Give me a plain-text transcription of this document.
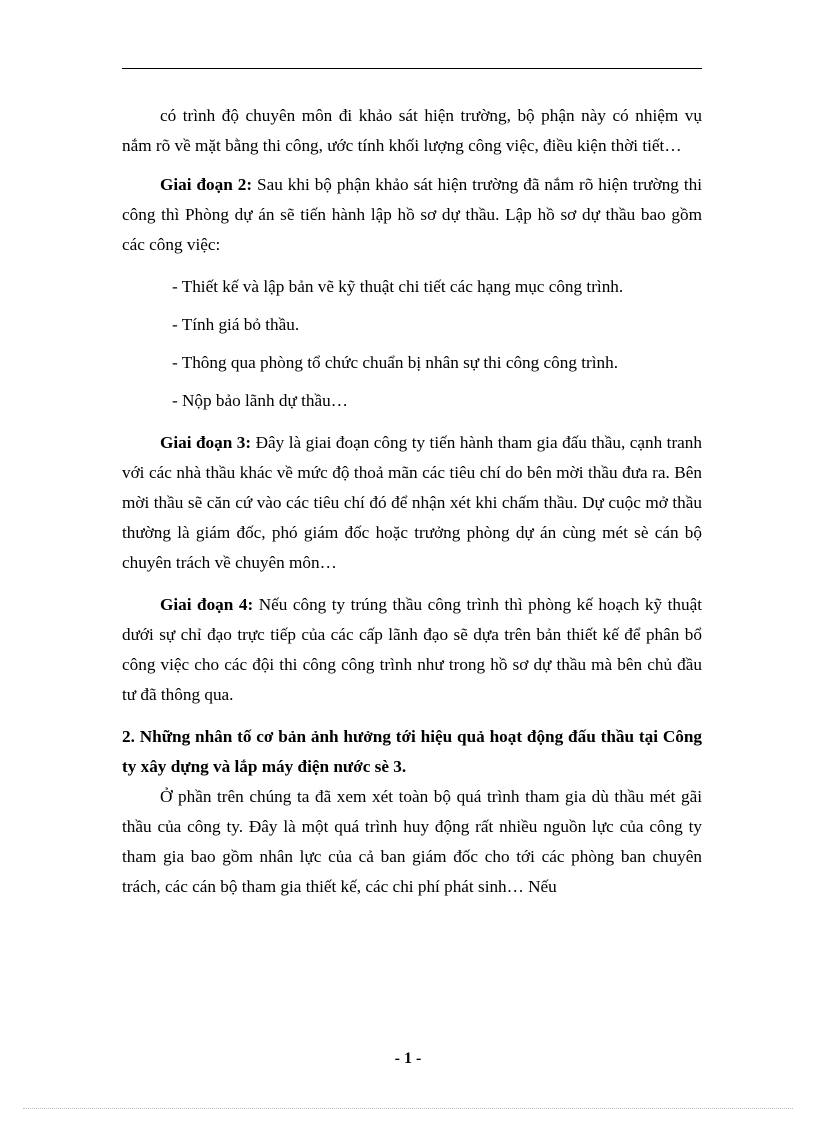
có trình độ chuyên môn đi khảo sát hiện trường, bộ phận này có nhiệm vụ nắm rõ về mặt bằng thi công, ước tính khối lượng công việc, điều kiện thời tiết…

Giai đoạn 2: Sau khi bộ phận khảo sát hiện trường đã nắm rõ hiện trường thi công thì Phòng dự án sẽ tiến hành lập hồ sơ dự thầu. Lập hồ sơ dự thầu bao gồm các công việc:

- Thiết kế và lập bản vẽ kỹ thuật chi tiết các hạng mục công trình.

- Tính giá bỏ thầu.

- Thông qua phòng tổ chức chuẩn bị nhân sự thi công công trình.

- Nộp bảo lãnh dự thầu…

Giai đoạn 3: Đây là giai đoạn công ty tiến hành tham gia đấu thầu, cạnh tranh với các nhà thầu khác về mức độ thoả mãn các tiêu chí do bên mời thầu đưa ra. Bên mời thầu sẽ căn cứ vào các tiêu chí đó để nhận xét khi chấm thầu. Dự cuộc mở thầu thường là giám đốc, phó giám đốc hoặc trưởng phòng dự án cùng mét sè cán bộ chuyên trách về chuyên môn…

Giai đoạn 4: Nếu công ty trúng thầu công trình thì phòng kế hoạch kỹ thuật dưới sự chỉ đạo trực tiếp của các cấp lãnh đạo sẽ dựa trên bản thiết kế để phân bổ công việc cho các đội thi công công trình như trong hồ sơ dự thầu mà bên chủ đầu tư đã thông qua.

2. Những nhân tố cơ bản ảnh hưởng tới hiệu quả hoạt động đấu thầu tại Công ty xây dựng và lắp máy điện nước sè 3.

Ở phần trên chúng ta đã xem xét toàn bộ quá trình tham gia dù thầu mét gãi thầu của công ty. Đây là một quá trình huy động rất nhiều nguồn lực của công ty tham gia bao gồm nhân lực của cả ban giám đốc cho tới các phòng ban chuyên trách, các cán bộ tham gia thiết kế, các chi phí phát sinh… Nếu

- 1 -
